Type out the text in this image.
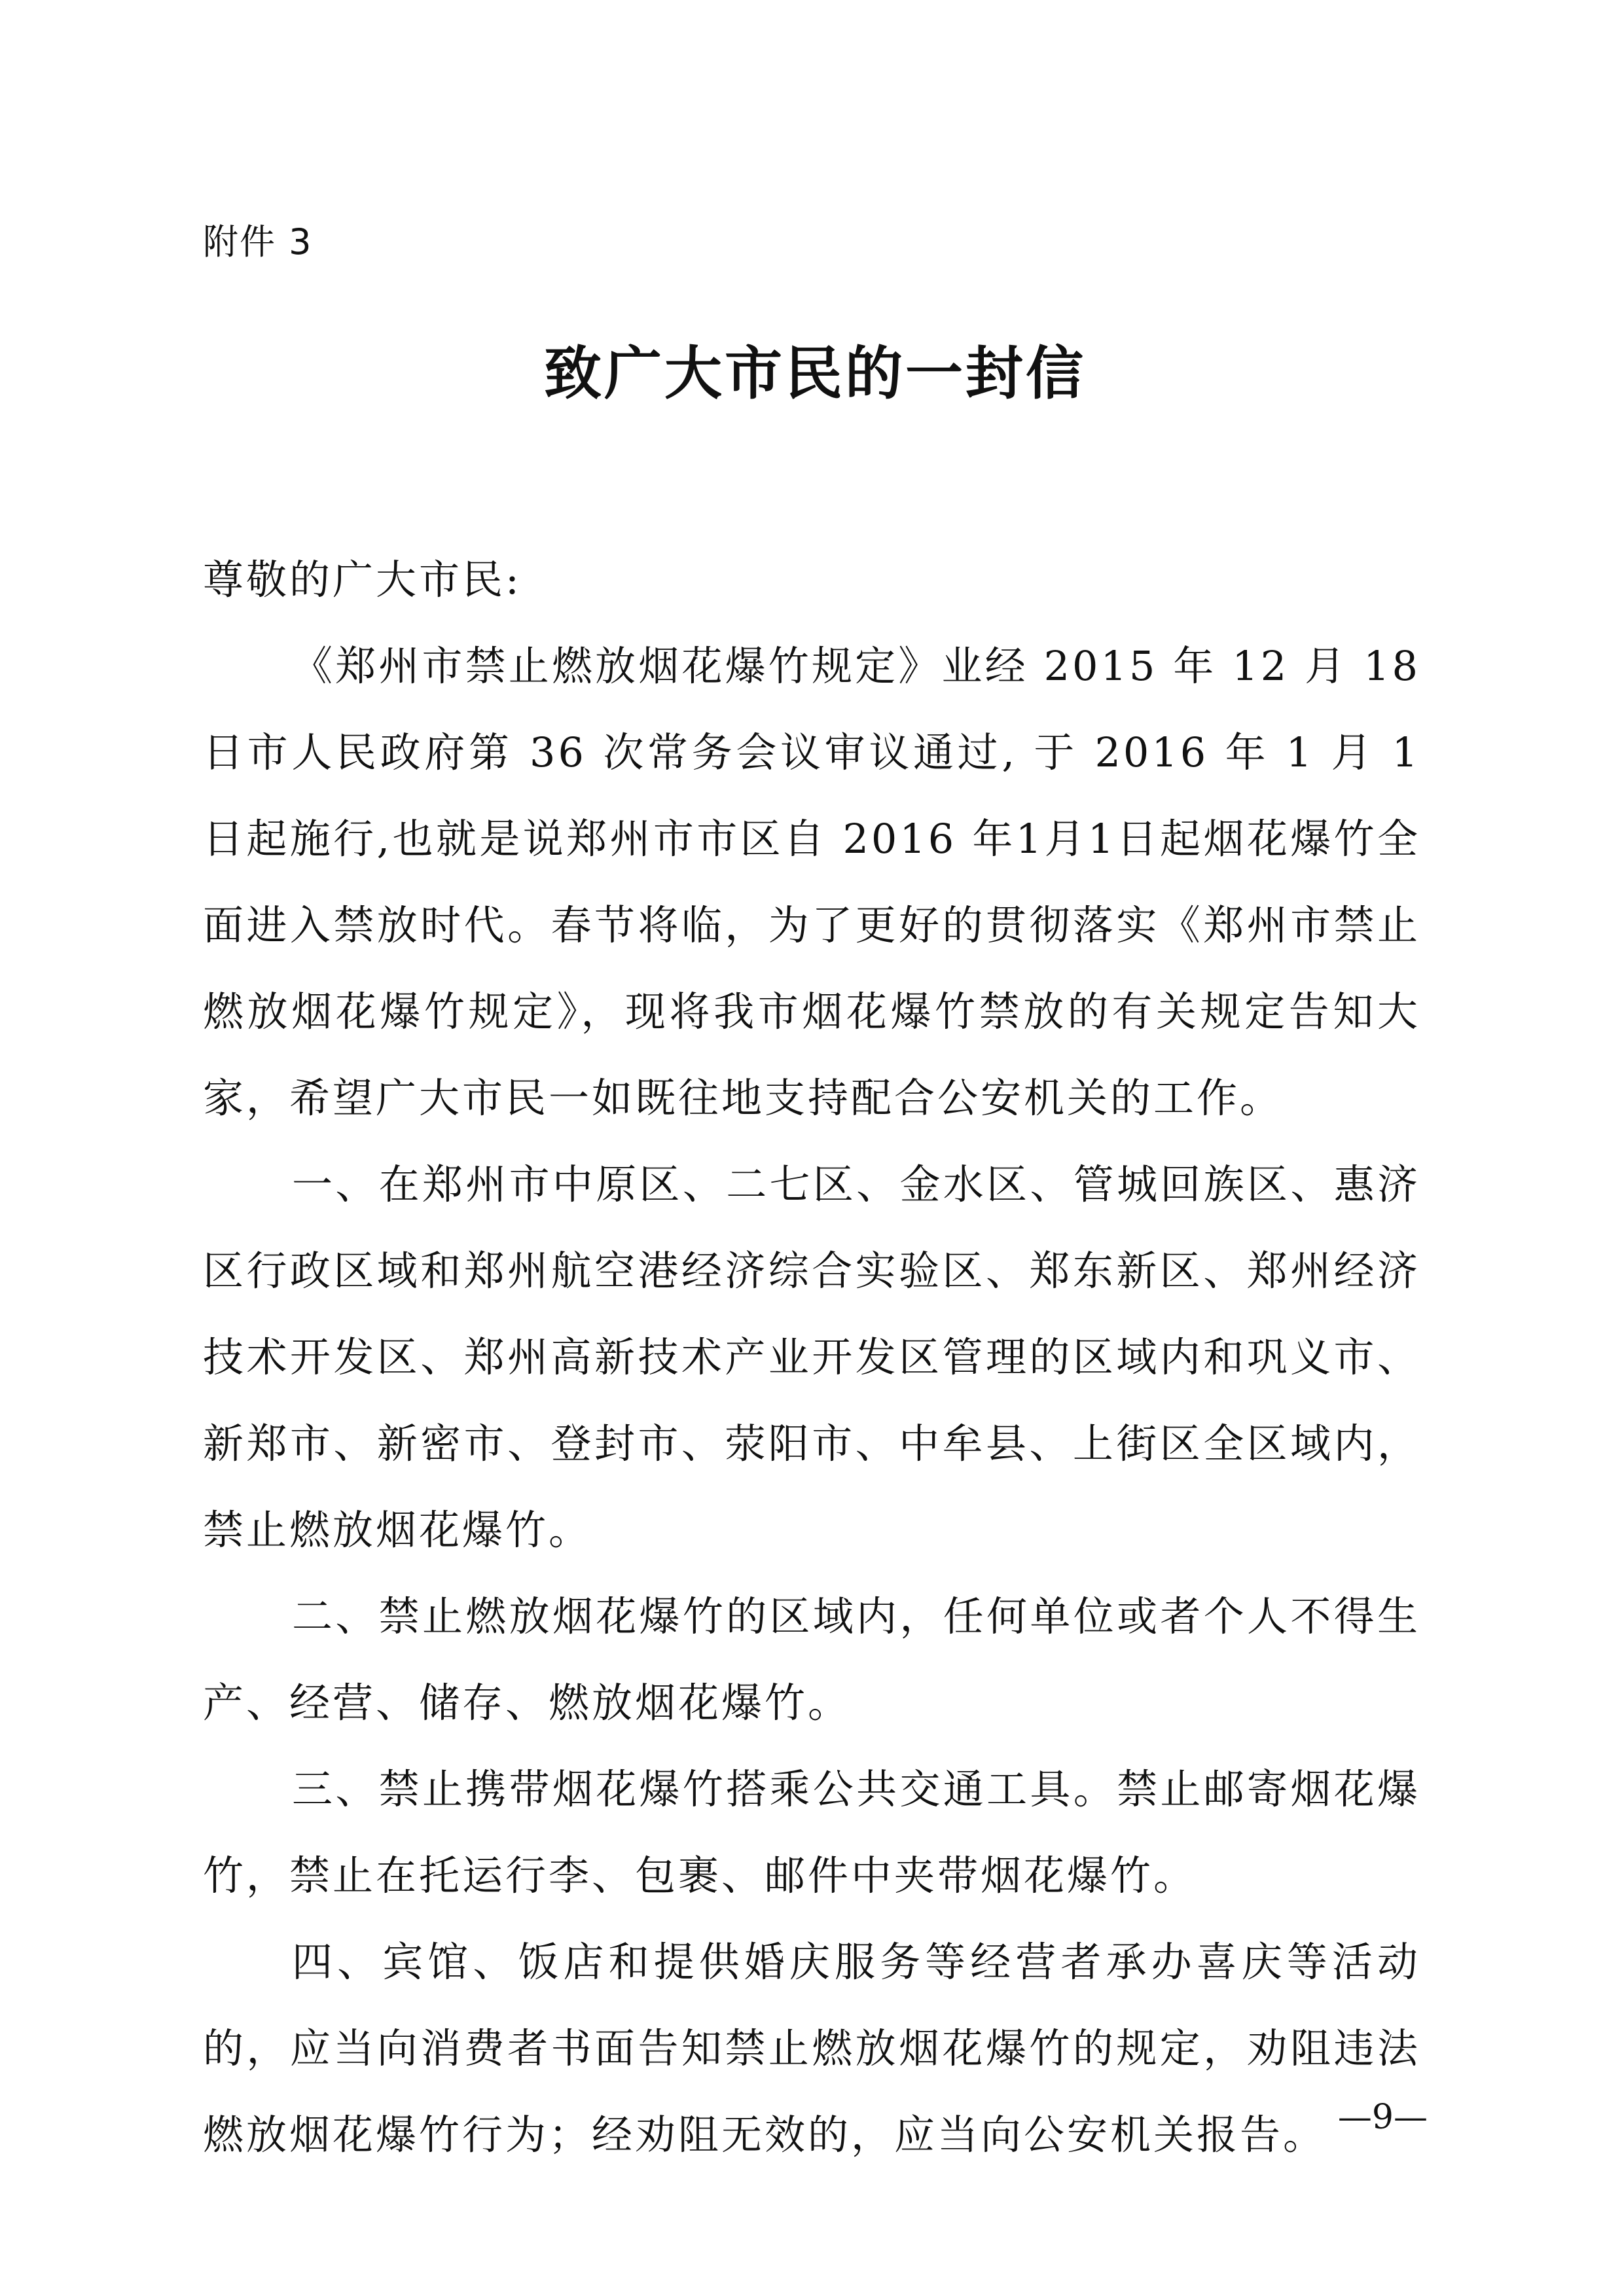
附件 3
致广大市民的一封信
尊敬的广大市民:

《郑州市禁止燃放烟花爆竹规定》业经 2015 年 12 月 18 日市人民政府第 36 次常务会议审议通过, 于 2016 年 1 月 1 日起施行,也就是说郑州市市区自 2016 年1月1日起烟花爆竹全面进入禁放时代。春节将临，为了更好的贯彻落实《郑州市禁止燃放烟花爆竹规定》，现将我市烟花爆竹禁放的有关规定告知大家，希望广大市民一如既往地支持配合公安机关的工作。

一、在郑州市中原区、二七区、金水区、管城回族区、惠济区行政区域和郑州航空港经济综合实验区、郑东新区、郑州经济技术开发区、郑州高新技术产业开发区管理的区域内和巩义市、新郑市、新密市、登封市、荥阳市、中牟县、上街区全区域内，禁止燃放烟花爆竹。

二、禁止燃放烟花爆竹的区域内，任何单位或者个人不得生产、经营、储存、燃放烟花爆竹。

三、禁止携带烟花爆竹搭乘公共交通工具。禁止邮寄烟花爆竹，禁止在托运行李、包裹、邮件中夹带烟花爆竹。

四、宾馆、饭店和提供婚庆服务等经营者承办喜庆等活动的，应当向消费者书面告知禁止燃放烟花爆竹的规定，劝阻违法燃放烟花爆竹行为；经劝阻无效的，应当向公安机关报告。 —9—
